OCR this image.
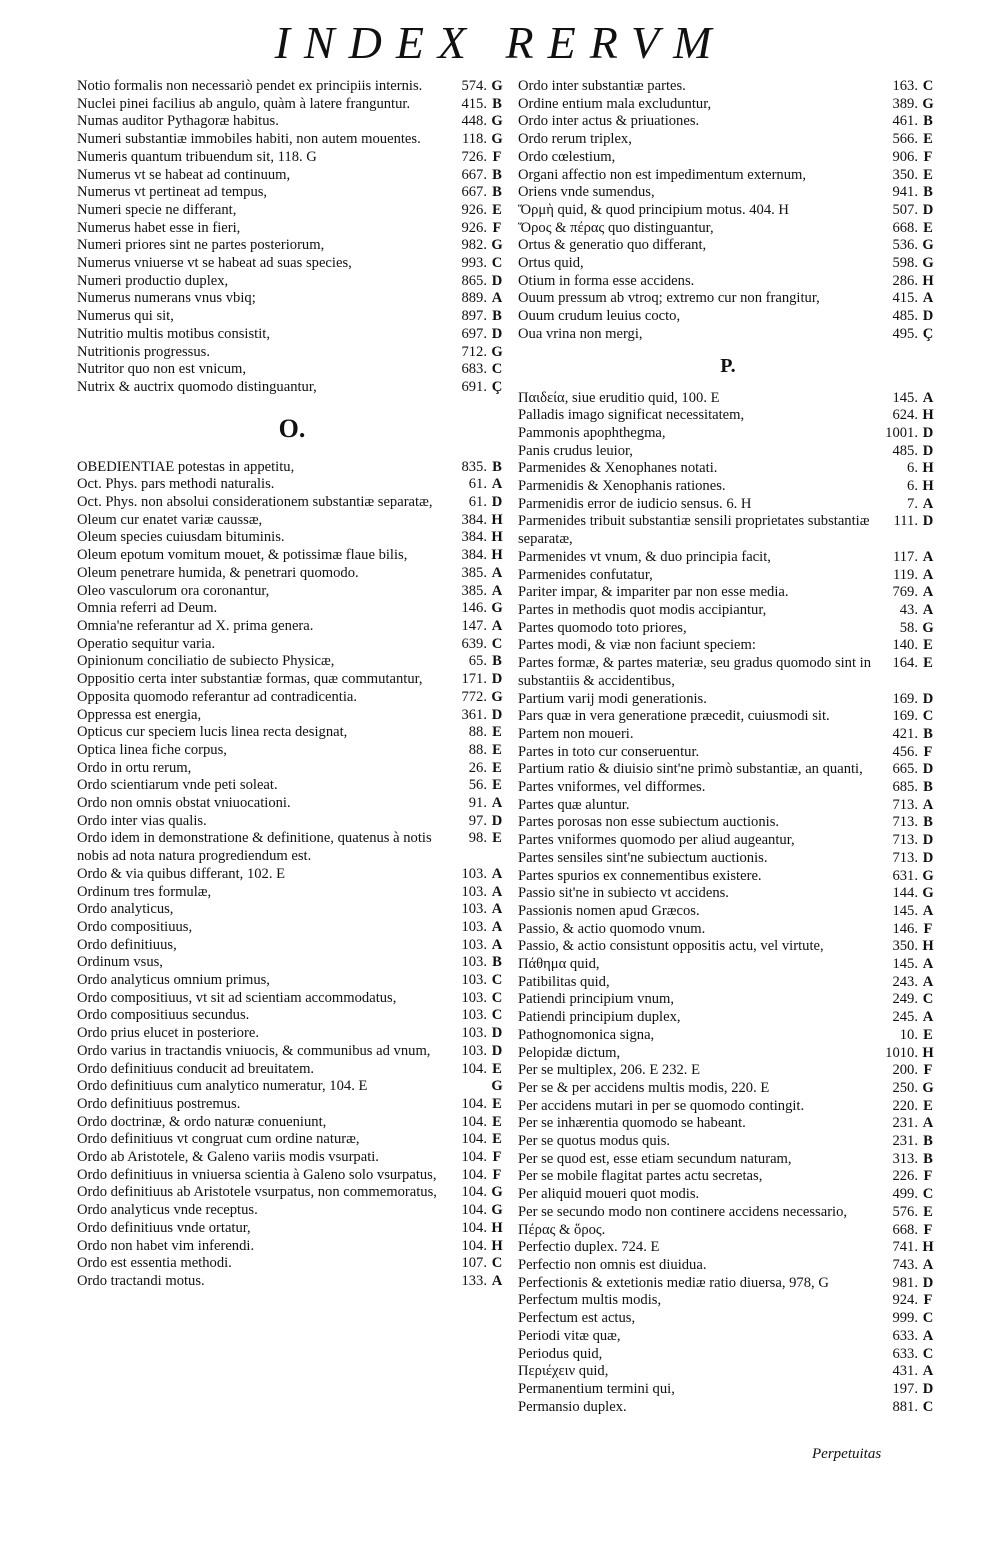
INDEX RERVM
Notio formalis non necessariò pendet ex principiis internis.	574. G
Nuclei pinei facilius ab angulo, quàm à latere franguntur.	415. B
Numas auditor Pythagoræ habitus.	448. G
Numeri substantiæ immobiles habiti, non autem mouentes.	118. G
Numeris quantum tribuendum sit, 118. G	726. F
Numerus vt se habeat ad continuum,	667. B
Numerus vt pertineat ad tempus,	667. B
Numeri specie ne differant,	926. E
Numerus habet esse in fieri,	926. F
Numeri priores sint ne partes posteriorum,	982. G
Numerus vniuerse vt se habeat ad suas species,	993. C
Numeri productio duplex,	865. D
Numerus numerans vnus vbiq;	889. A
Numerus qui sit,	897. B
Nutritio multis motibus consistit,	697. D
Nutritionis progressus.	712. G
Nutritor quo non est vnicum,	683. C
Nutrix & auctrix quomodo distinguantur,	691. Ç
O.
OBEDIENTIAE potestas in appetitu,	835. B
Oct. Phys. pars methodi naturalis.	61. A
Oct. Phys. non absolui considerationem substantiæ separatæ,	61. D
Oleum cur enatet variæ caussæ,	384. H
Oleum species cuiusdam bituminis.	384. H
Oleum epotum vomitum mouet, & potissimæ flaue bilis,	384. H
Oleum penetrare humida, & penetrari quomodo.	385. A
Oleo vasculorum ora coronantur,	385. A
Omnia referri ad Deum.	146. G
Omnia'ne referantur ad X. prima genera.	147. A
Operatio sequitur varia.	639. C
Opinionum conciliatio de subiecto Physicæ,	65. B
Oppositio certa inter substantiæ formas, quæ commutantur,	171. D
Opposita quomodo referantur ad contradicentia.	772. G
Oppressa est energia,	361. D
Opticus cur speciem lucis linea recta designat,	88. E
Optica linea fiche corpus,	88. E
Ordo in ortu rerum,	26. E
Ordo scientiarum vnde peti soleat.	56. E
Ordo non omnis obstat vniuocationi.	91. A
Ordo inter vias qualis.	97. D
Ordo idem in demonstratione & definitione, quatenus à notis nobis ad nota natura progrediendum est.
98. E
Ordo & via quibus differant, 102. E	103. A
Ordinum tres formulæ,	103. A
Ordo analyticus,	103. A
Ordo compositiuus,	103. A
Ordo definitiuus,	103. A
Ordinum vsus,	103. B
Ordo analyticus omnium primus,	103. C
Ordo compositiuus, vt sit ad scientiam accommodatus,	103. C
Ordo compositiuus secundus.	103. C
Ordo prius elucet in posteriore.	103. D
Ordo varius in tractandis vniuocis, & communibus ad vnum,	103. D
Ordo definitiuus conducit ad breuitatem.	104. E
Ordo definitiuus cum analytico numeratur, 104. E	G
Ordo definitiuus postremus.	104. E
Ordo doctrinæ, & ordo naturæ conueniunt,	104. E
Ordo definitiuus vt congruat cum ordine naturæ,	104. E
Ordo ab Aristotele, & Galeno variis modis vsurpati.	104. F
Ordo definitiuus in vniuersa scientia à Galeno solo vsurpatus,	104. F
Ordo definitiuus ab Aristotele vsurpatus, non commemoratus,	104. G
Ordo analyticus vnde receptus.	104. G
Ordo definitiuus vnde ortatur,	104. H
Ordo non habet vim inferendi.	104. H
Ordo est essentia methodi.	107. C
Ordo tractandi motus.	133. A
Ordo inter substantiæ partes.	163. C
Ordine entium mala excluduntur,	389. G
Ordo inter actus & priuationes.	461. B
Ordo rerum triplex,	566. E
Ordo cœlestium,	906. F
Organi affectio non est impedimentum externum,	350. E
Oriens vnde sumendus,	941. B
Ὅρμὴ quid, & quod principium motus. 404. H	507. D
Ὅρος & πέρας quo distinguantur,	668. E
Ortus & generatio quo differant,	536. G
Ortus quid,	598. G
Otium in forma esse accidens.	286. H
Ouum pressum ab vtroq; extremo cur non frangitur,	415. A
Ouum crudum leuius cocto,	485. D
Oua vrina non mergi,	495. Ç
P.
Παιδεία, siue eruditio quid, 100. E	145. A
Palladis imago significat necessitatem,	624. H
Pammonis apophthegma,	1001. D
Panis crudus leuior,	485. D
Parmenides & Xenophanes notati.	6. H
Parmenidis & Xenophanis rationes.	6. H
Parmenidis error de iudicio sensus. 6. H	7. A
Parmenides tribuit substantiæ sensili proprietates substantiæ separatæ,
111. D
Parmenides vt vnum, & duo principia facit,	117. A
Parmenides confutatur,	119. A
Pariter impar, & impariter par non esse media.	769. A
Partes in methodis quot modis accipiantur,	43. A
Partes quomodo toto priores,	58. G
Partes modi, & viæ non faciunt speciem:	140. E
Partes formæ, & partes materiæ, seu gradus quomodo sint in substantiis & accidentibus,
164. E
Partium varij modi generationis.	169. D
Pars quæ in vera generatione præcedit, cuiusmodi sit.	169. C
Partem non moueri.	421. B
Partes in toto cur conseruentur.	456. F
Partium ratio & diuisio sint'ne primò substantiæ, an quanti,	665. D
Partes vniformes, vel difformes.	685. B
Partes quæ aluntur.	713. A
Partes porosas non esse subiectum auctionis.	713. B
Partes vniformes quomodo per aliud augeantur,	713. D
Partes sensiles sint'ne subiectum auctionis.	713. D
Partes spurios ex connementibus existere.	631. G
Passio sit'ne in subiecto vt accidens.	144. G
Passionis nomen apud Græcos.	145. A
Passio, & actio quomodo vnum.	146. F
Passio, & actio consistunt oppositis actu, vel virtute,	350. H
Πάθημα quid,	145. A
Patibilitas quid,	243. A
Patiendi principium vnum,	249. C
Patiendi principium duplex,	245. A
Pathognomonica signa,	10. E
Pelopidæ dictum,	1010. H
Per se multiplex, 206. E 232. E	200. F
Per se & per accidens multis modis, 220. E	250. G
Per accidens mutari in per se quomodo contingit.	220. E
Per se inhærentia quomodo se habeant.	231. A
Per se quotus modus quis.	231. B
Per se quod est, esse etiam secundum naturam,	313. B
Per se mobile flagitat partes actu secretas,	226. F
Per aliquid moueri quot modis.	499. C
Per se secundo modo non continere accidens necessario,	576. E
Πέρας & ὅρος.	668. F
Perfectio duplex. 724. E	741. H
Perfectio non omnis est diuidua.	743. A
Perfectionis & extetionis mediæ ratio diuersa, 978, G	981. D
Perfectum multis modis,	924. F
Perfectum est actus,	999. C
Periodi vitæ quæ,	633. A
Periodus quid,	633. C
Περιέχειν quid,	431. A
Permanentium termini qui,	197. D
Permansio duplex.	881. C
Perpetuitas
